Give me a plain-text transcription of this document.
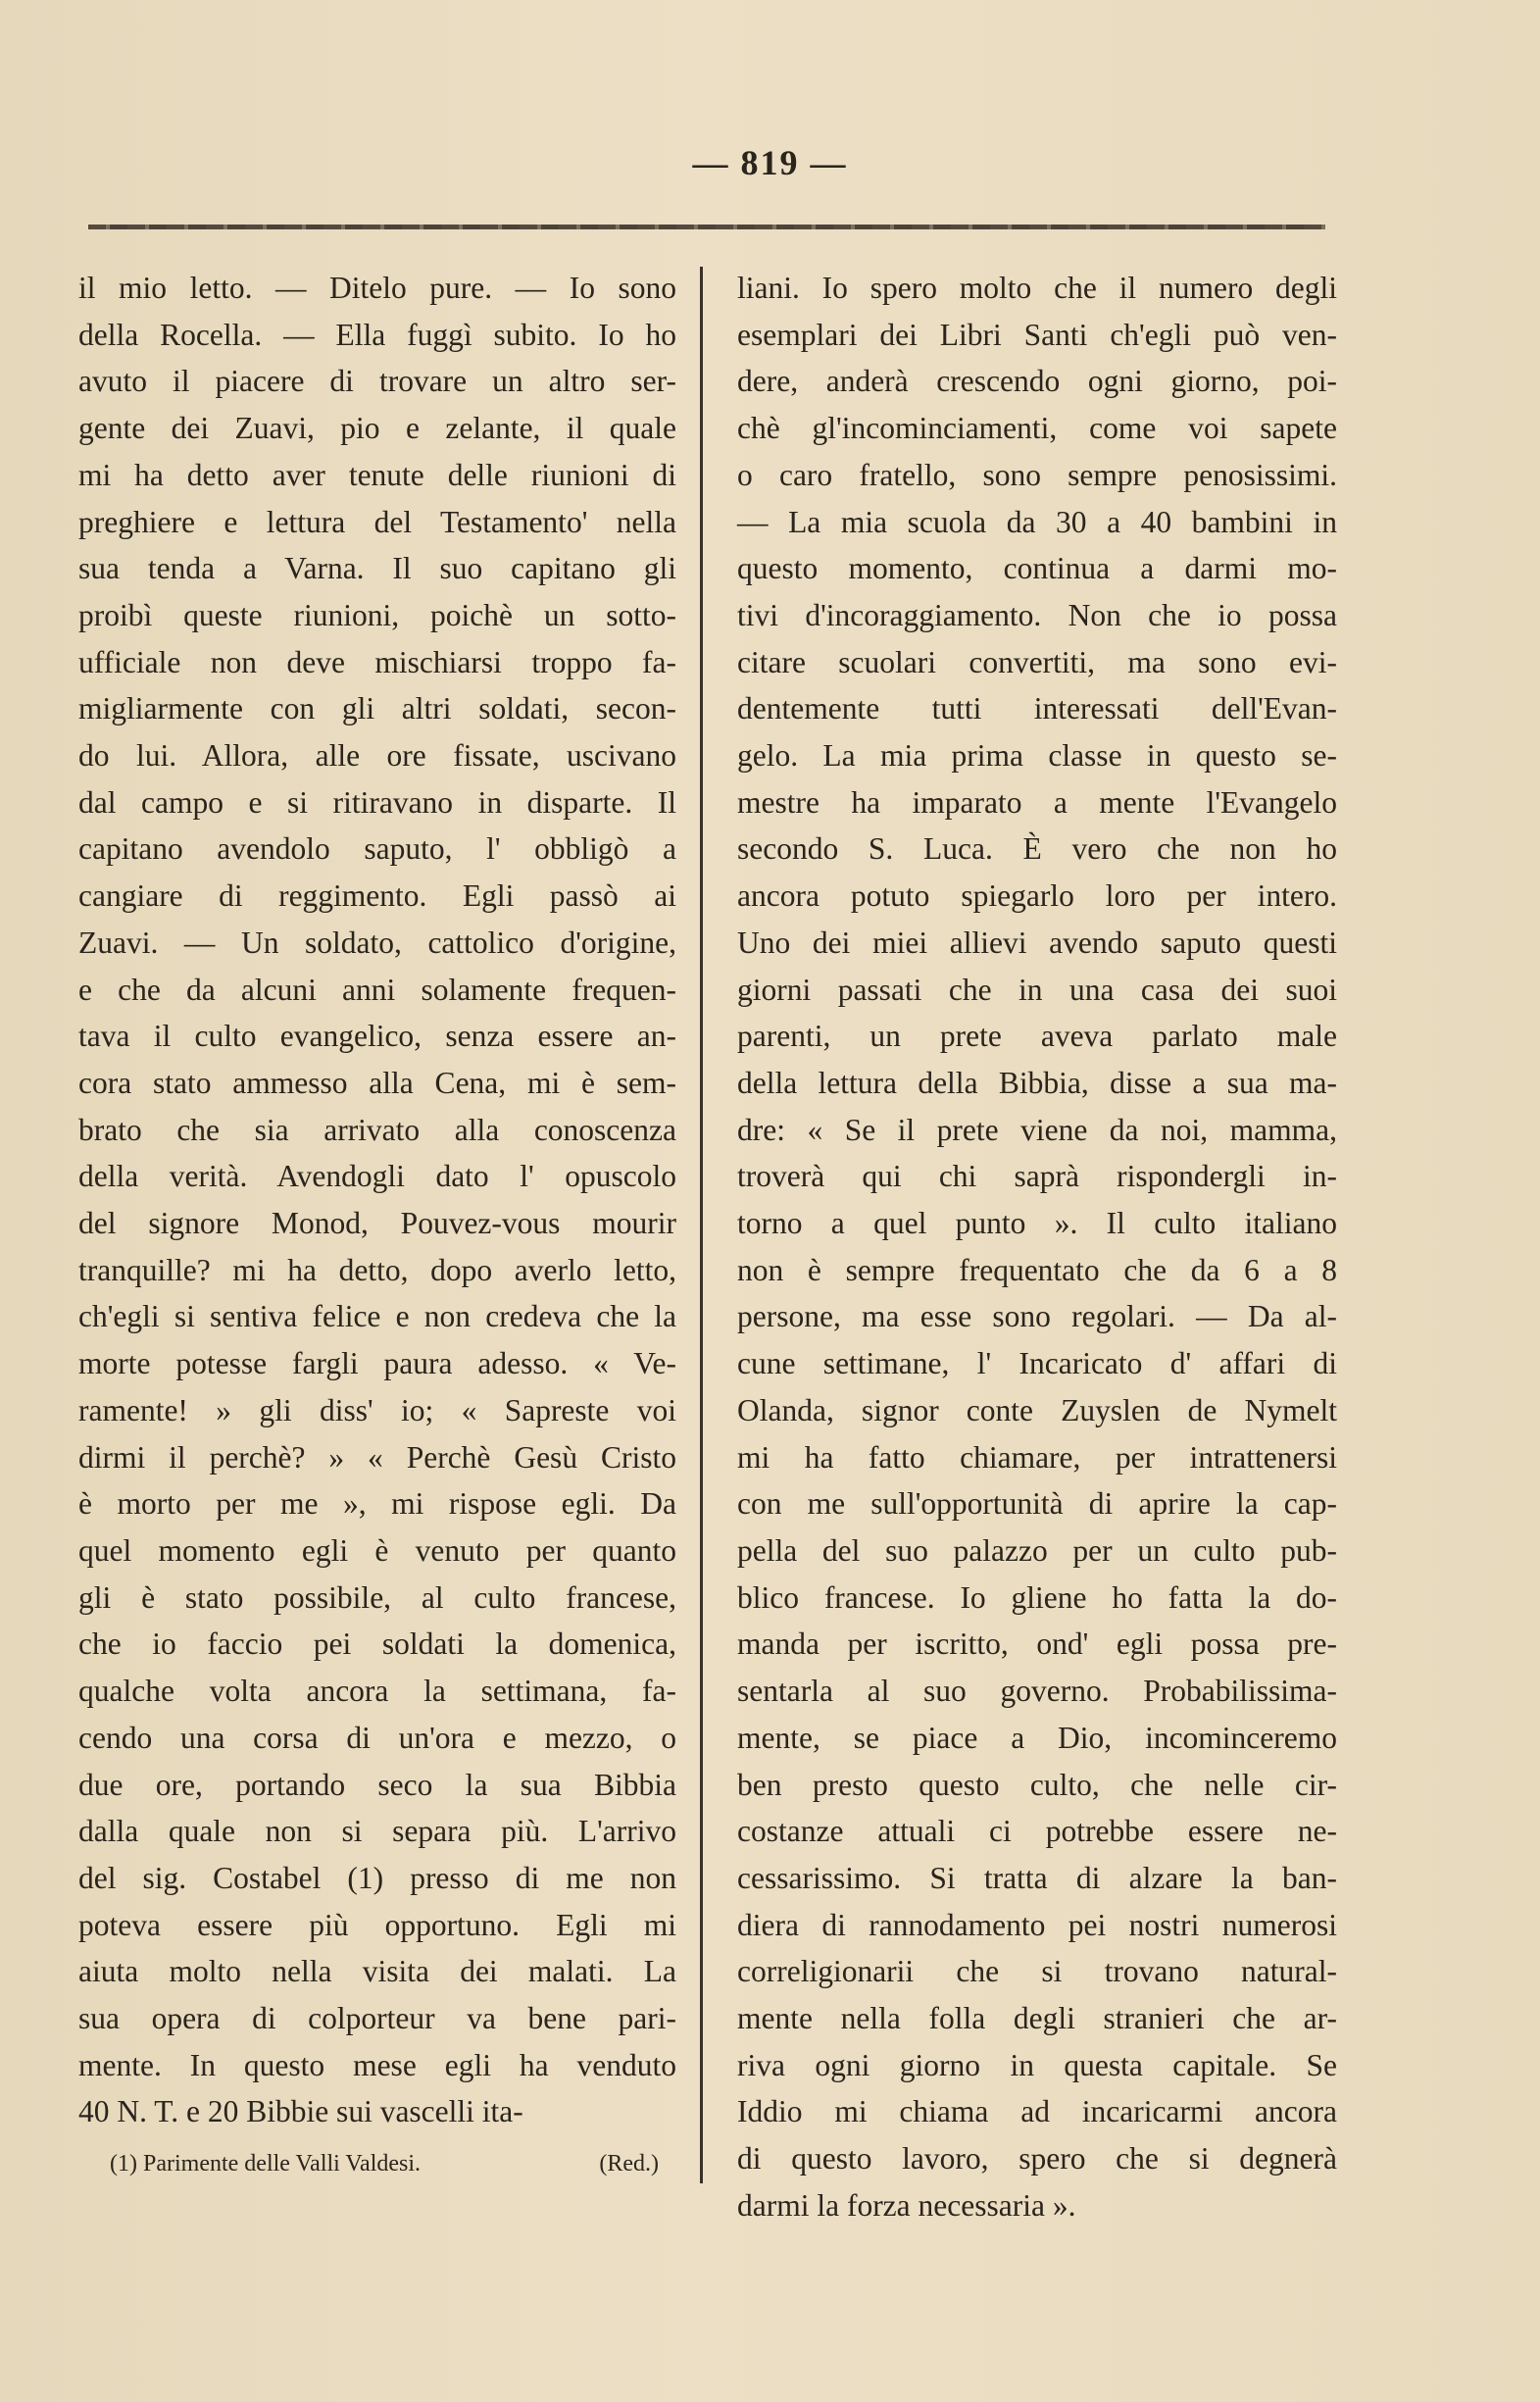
— 819 —
il mio letto. — Ditelo pure. — Io sono
della Rocella. — Ella fuggì subito. Io ho
avuto il piacere di trovare un altro ser-
gente dei Zuavi, pio e zelante, il quale
mi ha detto aver tenute delle riunioni di
preghiere e lettura del Testamento' nella
sua tenda a Varna. Il suo capitano gli
proibì queste riunioni, poichè un sotto-
ufficiale non deve mischiarsi troppo fa-
migliarmente con gli altri soldati, secon-
do lui. Allora, alle ore fissate, uscivano
dal campo e si ritiravano in disparte. Il
capitano avendolo saputo, l' obbligò a
cangiare di reggimento. Egli passò ai
Zuavi. — Un soldato, cattolico d'origine,
e che da alcuni anni solamente frequen-
tava il culto evangelico, senza essere an-
cora stato ammesso alla Cena, mi è sem-
brato che sia arrivato alla conoscenza
della verità. Avendogli dato l' opuscolo
del signore Monod, Pouvez-vous mourir
tranquille? mi ha detto, dopo averlo letto,
ch'egli si sentiva felice e non credeva che la
morte potesse fargli paura adesso. « Ve-
ramente! » gli diss' io; « Sapreste voi
dirmi il perchè? » « Perchè Gesù Cristo
è morto per me », mi rispose egli. Da
quel momento egli è venuto per quanto
gli è stato possibile, al culto francese,
che io faccio pei soldati la domenica,
qualche volta ancora la settimana, fa-
cendo una corsa di un'ora e mezzo, o
due ore, portando seco la sua Bibbia
dalla quale non si separa più. L'arrivo
del sig. Costabel (1) presso di me non
poteva essere più opportuno. Egli mi
aiuta molto nella visita dei malati. La
sua opera di colporteur va bene pari-
mente. In questo mese egli ha venduto
40 N. T. e 20 Bibbie sui vascelli ita-
liani. Io spero molto che il numero degli
esemplari dei Libri Santi ch'egli può ven-
dere, anderà crescendo ogni giorno, poi-
chè gl'incominciamenti, come voi sapete
o caro fratello, sono sempre penosissimi.
— La mia scuola da 30 a 40 bambini in
questo momento, continua a darmi mo-
tivi d'incoraggiamento. Non che io possa
citare scuolari convertiti, ma sono evi-
dentemente tutti interessati dell'Evan-
gelo. La mia prima classe in questo se-
mestre ha imparato a mente l'Evangelo
secondo S. Luca. È vero che non ho
ancora potuto spiegarlo loro per intero.
Uno dei miei allievi avendo saputo questi
giorni passati che in una casa dei suoi
parenti, un prete aveva parlato male
della lettura della Bibbia, disse a sua ma-
dre: « Se il prete viene da noi, mamma,
troverà qui chi saprà rispondergli in-
torno a quel punto ». Il culto italiano
non è sempre frequentato che da 6 a 8
persone, ma esse sono regolari. — Da al-
cune settimane, l' Incaricato d' affari di
Olanda, signor conte Zuyslen de Nymelt
mi ha fatto chiamare, per intrattenersi
con me sull'opportunità di aprire la cap-
pella del suo palazzo per un culto pub-
blico francese. Io gliene ho fatta la do-
manda per iscritto, ond' egli possa pre-
sentarla al suo governo. Probabilissima-
mente, se piace a Dio, incominceremo
ben presto questo culto, che nelle cir-
costanze attuali ci potrebbe essere ne-
cessarissimo. Si tratta di alzare la ban-
diera di rannodamento pei nostri numerosi
correligionarii che si trovano natural-
mente nella folla degli stranieri che ar-
riva ogni giorno in questa capitale. Se
Iddio mi chiama ad incaricarmi ancora
di questo lavoro, spero che si degnerà
darmi la forza necessaria ».
(1) Parimente delle Valli Valdesi.	(Red.)
